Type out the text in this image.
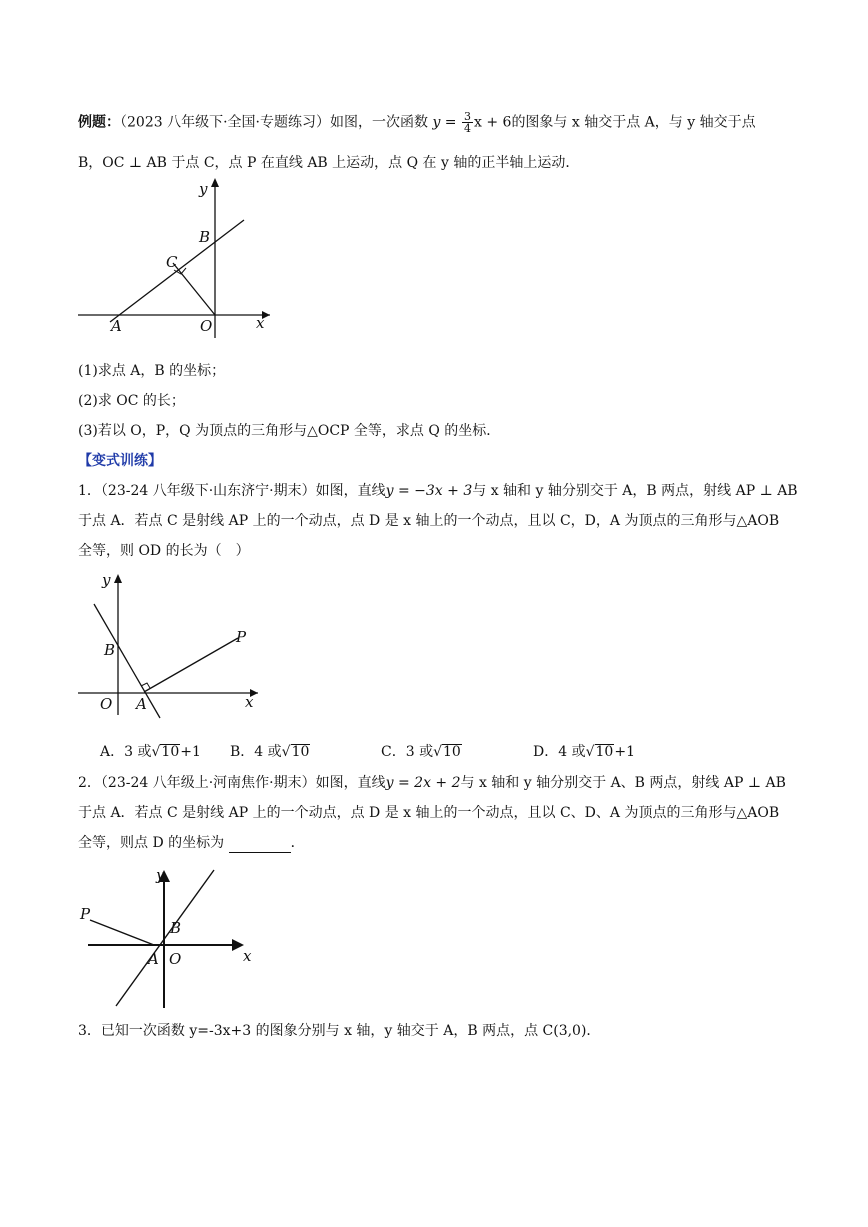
例题：（2023 八年级下·全国·专题练习）如图，一次函数 $y = \frac{3}{4}$ x + 6的图象与 x 轴交于点 A，与 y 轴交于点
B，OC ⊥ AB 于点 C，点 P 在直线 AB 上运动，点 Q 在 y 轴的正半轴上运动．
y
B
C
A	O	x
(1)求点 A，B 的坐标；
(2)求 OC 的长；
(3)若以 O，P，Q 为顶点的三角形与△OCP 全等，求点 Q 的坐标．
【变式训练】
1．（23-24 八年级下·山东济宁·期末）如图，直线y = −3x + 3与 x 轴和 y 轴分别交于 A，B 两点，射线 AP ⊥ AB
于点 A．若点 C 是射线 AP 上的一个动点，点 D 是 x 轴上的一个动点，且以 C，D，A 为顶点的三角形与△AOB
全等，则 OD 的长为（　）
y
B
P
O A	x
A．3 或√10+1 B．4 或√10	C．3 或√10	D．4 或√10+1
2．（23-24 八年级上·河南焦作·期末）如图，直线y = 2x + 2与 x 轴和 y 轴分别交于 A、B 两点，射线 AP ⊥ AB
于点 A．若点 C 是射线 AP 上的一个动点，点 D 是 x 轴上的一个动点，且以 C、D、A 为顶点的三角形与△AOB
全等，则点 D 的坐标为	．
y
P
B
A O	x
3．已知一次函数 y=-3x+3 的图象分别与 x 轴，y 轴交于 A，B 两点，点 C(3,0)．
